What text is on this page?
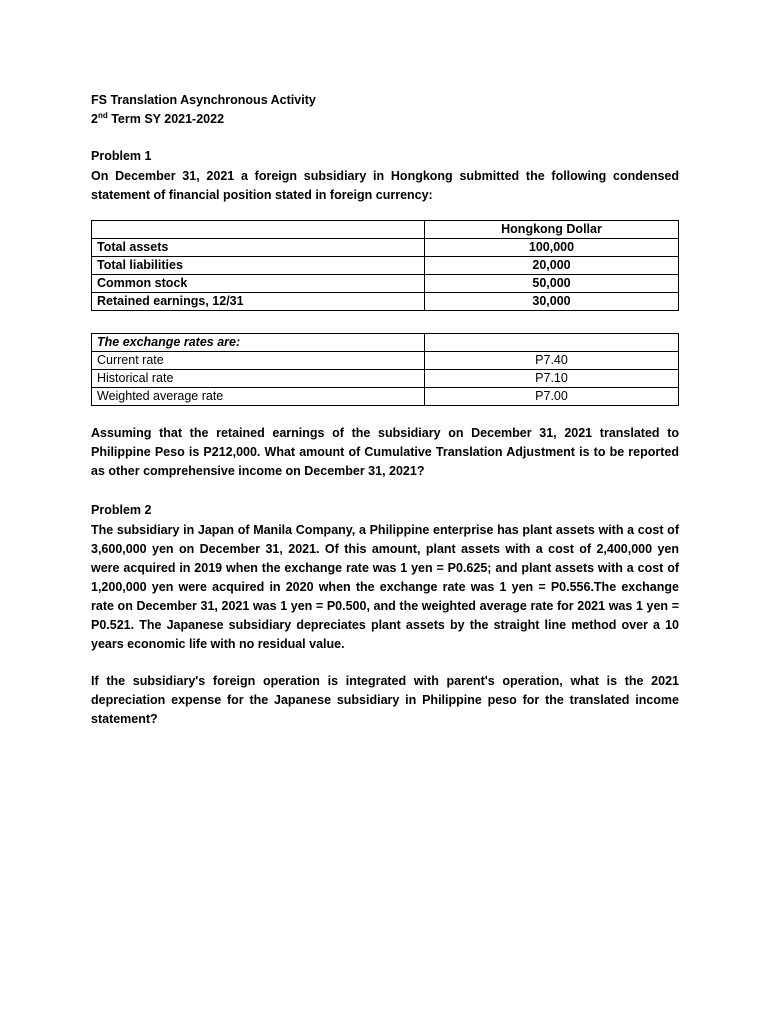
FS Translation Asynchronous Activity

2nd Term SY 2021-2022

Problem 1

On December 31, 2021 a foreign subsidiary in Hongkong submitted the following condensed statement of financial position stated in foreign currency:

	Hongkong Dollar
Total assets	100,000
Total liabilities	20,000
Common stock	50,000
Retained earnings, 12/31	30,000
The exchange rates are:	
Current rate	P7.40
Historical rate	P7.10
Weighted average rate	P7.00

Assuming that the retained earnings of the subsidiary on December 31, 2021 translated to Philippine Peso is P212,000. What amount of Cumulative Translation Adjustment is to be reported as other comprehensive income on December 31, 2021?

Problem 2

The subsidiary in Japan of Manila Company, a Philippine enterprise has plant assets with a cost of 3,600,000 yen on December 31, 2021. Of this amount, plant assets with a cost of 2,400,000 yen were acquired in 2019 when the exchange rate was 1 yen = P0.625; and plant assets with a cost of 1,200,000 yen were acquired in 2020 when the exchange rate was 1 yen = P0.556.The exchange rate on December 31, 2021 was 1 yen = P0.500, and the weighted average rate for 2021 was 1 yen = P0.521. The Japanese subsidiary depreciates plant assets by the straight line method over a 10 years economic life with no residual value.

If the subsidiary's foreign operation is integrated with parent's operation, what is the 2021 depreciation expense for the Japanese subsidiary in Philippine peso for the translated income statement?
